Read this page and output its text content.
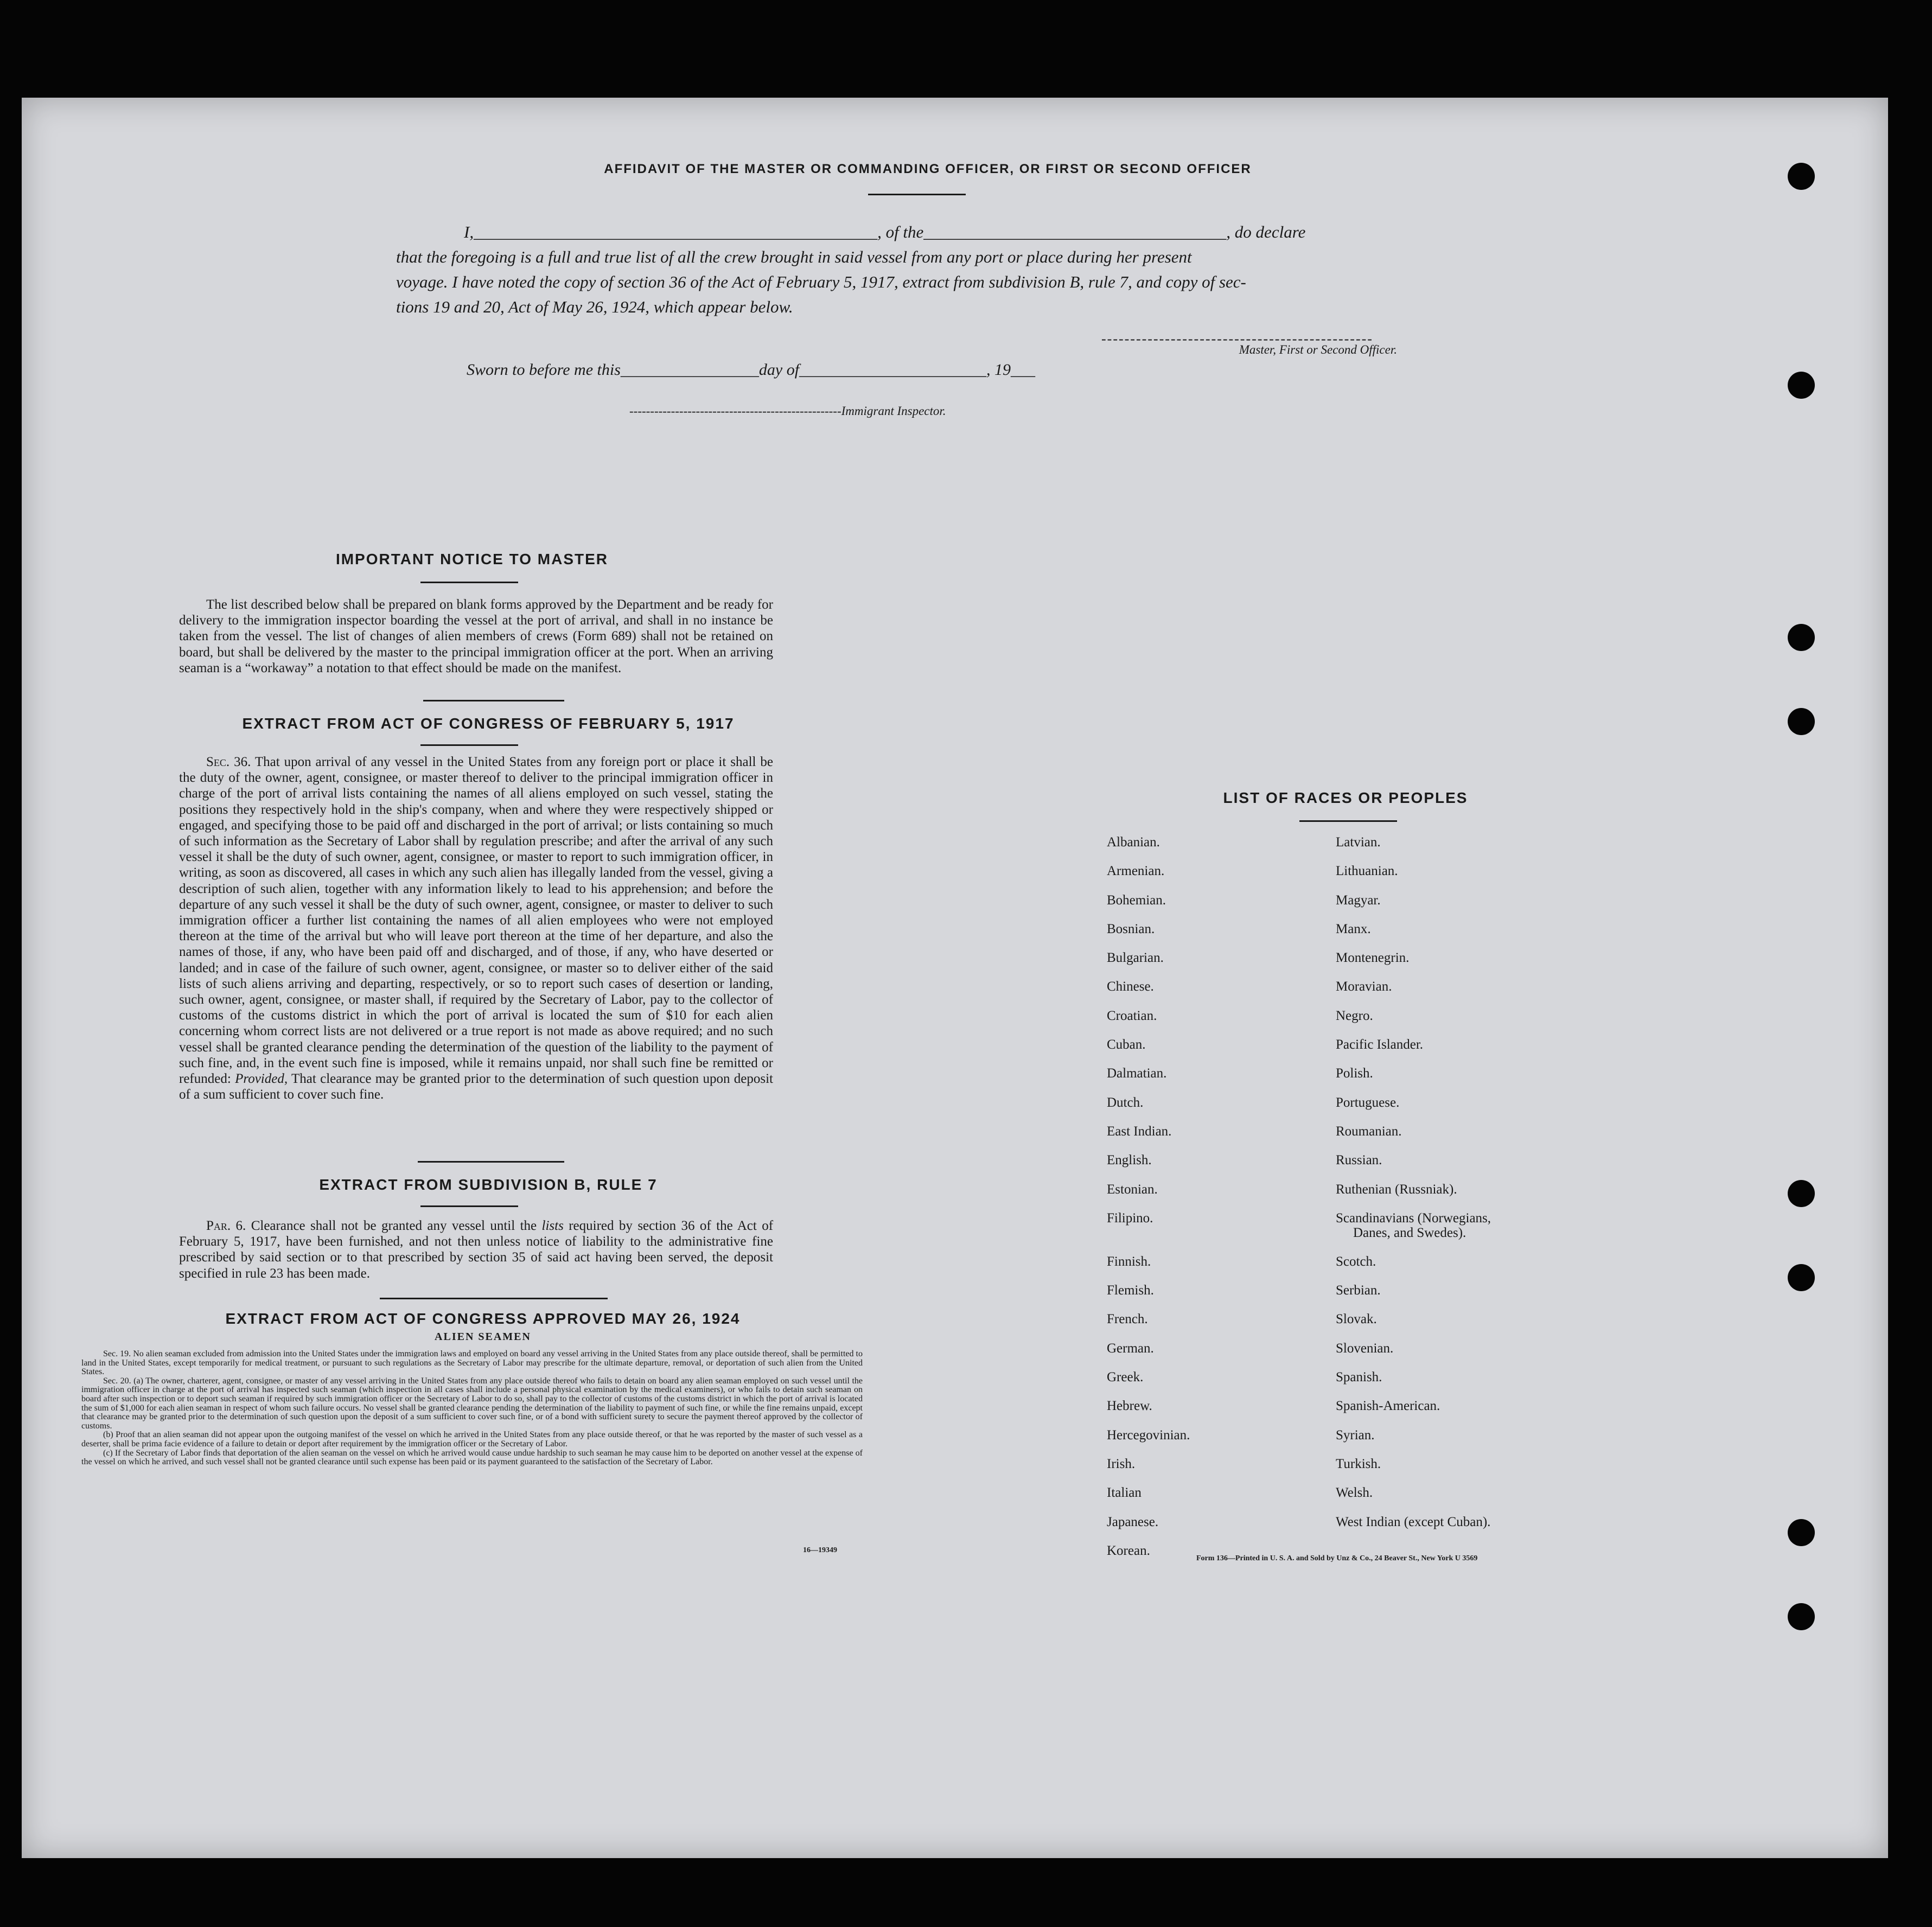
AFFIDAVIT OF THE MASTER OR COMMANDING OFFICER, OR FIRST OR SECOND OFFICER

I,________________________________________________, of the____________________________________, do declare

that the foregoing is a full and true list of all the crew brought in said vessel from any port or place during her present

voyage. I have noted the copy of section 36 of the Act of February 5, 1917, extract from subdivision B, rule 7, and copy of sec-

tions 19 and 20, Act of May 26, 1924, which appear below.

-----------------------------------------------
Master, First or Second Officer.
Sworn to before me this_________________day of_______________________, 19___
---------------------------------------------------Immigrant Inspector.
IMPORTANT NOTICE TO MASTER

The list described below shall be prepared on blank forms approved by the Department and be ready for delivery to the immigration inspector boarding the vessel at the port of arrival, and shall in no instance be taken from the vessel. The list of changes of alien members of crews (Form 689) shall not be retained on board, but shall be delivered by the master to the principal immigration officer at the port. When an arriving seaman is a “workaway” a notation to that effect should be made on the manifest.

EXTRACT FROM ACT OF CONGRESS OF FEBRUARY 5, 1917

Sec. 36. That upon arrival of any vessel in the United States from any foreign port or place it shall be the duty of the owner, agent, consignee, or master thereof to deliver to the principal immigration officer in charge of the port of arrival lists containing the names of all aliens employed on such vessel, stating the positions they respectively hold in the ship's company, when and where they were respectively shipped or engaged, and specifying those to be paid off and discharged in the port of arrival; or lists containing so much of such information as the Secretary of Labor shall by regulation prescribe; and after the arrival of any such vessel it shall be the duty of such owner, agent, consignee, or master to report to such immigration officer, in writing, as soon as discovered, all cases in which any such alien has illegally landed from the vessel, giving a description of such alien, together with any information likely to lead to his apprehension; and before the departure of any such vessel it shall be the duty of such owner, agent, consignee, or master to deliver to such immigration officer a further list containing the names of all alien employees who were not employed thereon at the time of the arrival but who will leave port thereon at the time of her departure, and also the names of those, if any, who have been paid off and discharged, and of those, if any, who have deserted or landed; and in case of the failure of such owner, agent, consignee, or master so to deliver either of the said lists of such aliens arriving and departing, respectively, or so to report such cases of desertion or landing, such owner, agent, consignee, or master shall, if required by the Secretary of Labor, pay to the collector of customs of the customs district in which the port of arrival is located the sum of $10 for each alien concerning whom correct lists are not delivered or a true report is not made as above required; and no such vessel shall be granted clearance pending the determination of the question of the liability to the payment of such fine, and, in the event such fine is imposed, while it remains unpaid, nor shall such fine be remitted or refunded: Provided, That clearance may be granted prior to the determination of such question upon deposit of a sum sufficient to cover such fine.

EXTRACT FROM SUBDIVISION B, RULE 7

Par. 6. Clearance shall not be granted any vessel until the lists required by section 36 of the Act of February 5, 1917, have been furnished, and not then unless notice of liability to the administrative fine prescribed by said section or to that prescribed by section 35 of said act having been served, the deposit specified in rule 23 has been made.

EXTRACT FROM ACT OF CONGRESS APPROVED MAY 26, 1924
ALIEN SEAMEN

Sec. 19. No alien seaman excluded from admission into the United States under the immigration laws and employed on board any vessel arriving in the United States from any place outside thereof, shall be permitted to land in the United States, except temporarily for medical treatment, or pursuant to such regulations as the Secretary of Labor may prescribe for the ultimate departure, removal, or deportation of such alien from the United States.

Sec. 20. (a) The owner, charterer, agent, consignee, or master of any vessel arriving in the United States from any place outside thereof who fails to detain on board any alien seaman employed on such vessel until the immigration officer in charge at the port of arrival has inspected such seaman (which inspection in all cases shall include a personal physical examination by the medical examiners), or who fails to detain such seaman on board after such inspection or to deport such seaman if required by such immigration officer or the Secretary of Labor to do so, shall pay to the collector of customs of the customs district in which the port of arrival is located the sum of $1,000 for each alien seaman in respect of whom such failure occurs. No vessel shall be granted clearance pending the determination of the liability to payment of such fine, or while the fine remains unpaid, except that clearance may be granted prior to the determination of such question upon the deposit of a sum sufficient to cover such fine, or of a bond with sufficient surety to secure the payment thereof approved by the collector of customs.

(b) Proof that an alien seaman did not appear upon the outgoing manifest of the vessel on which he arrived in the United States from any place outside thereof, or that he was reported by the master of such vessel as a deserter, shall be prima facie evidence of a failure to detain or deport after requirement by the immigration officer or the Secretary of Labor.

(c) If the Secretary of Labor finds that deportation of the alien seaman on the vessel on which he arrived would cause undue hardship to such seaman he may cause him to be deported on another vessel at the expense of the vessel on which he arrived, and such vessel shall not be granted clearance until such expense has been paid or its payment guaranteed to the satisfaction of the Secretary of Labor.

16—19349
LIST OF RACES OR PEOPLES
Albanian.
Armenian.
Bohemian.
Bosnian.
Bulgarian.
Chinese.
Croatian.
Cuban.
Dalmatian.
Dutch.
East Indian.
English.
Estonian.
Filipino.
Finnish.
Flemish.
French.
German.
Greek.
Hebrew.
Hercegovinian.
Irish.
Italian
Japanese.
Korean.
Latvian.
Lithuanian.
Magyar.
Manx.
Montenegrin.
Moravian.
Negro.
Pacific Islander.
Polish.
Portuguese.
Roumanian.
Russian.
Ruthenian (Russniak).
Scandinavians (Norwegians,
Danes, and Swedes).
Scotch.
Serbian.
Slovak.
Slovenian.
Spanish.
Spanish-American.
Syrian.
Turkish.
Welsh.
West Indian (except Cuban).
Form 136—Printed in U. S. A. and Sold by Unz & Co., 24 Beaver St., New York U 3569
